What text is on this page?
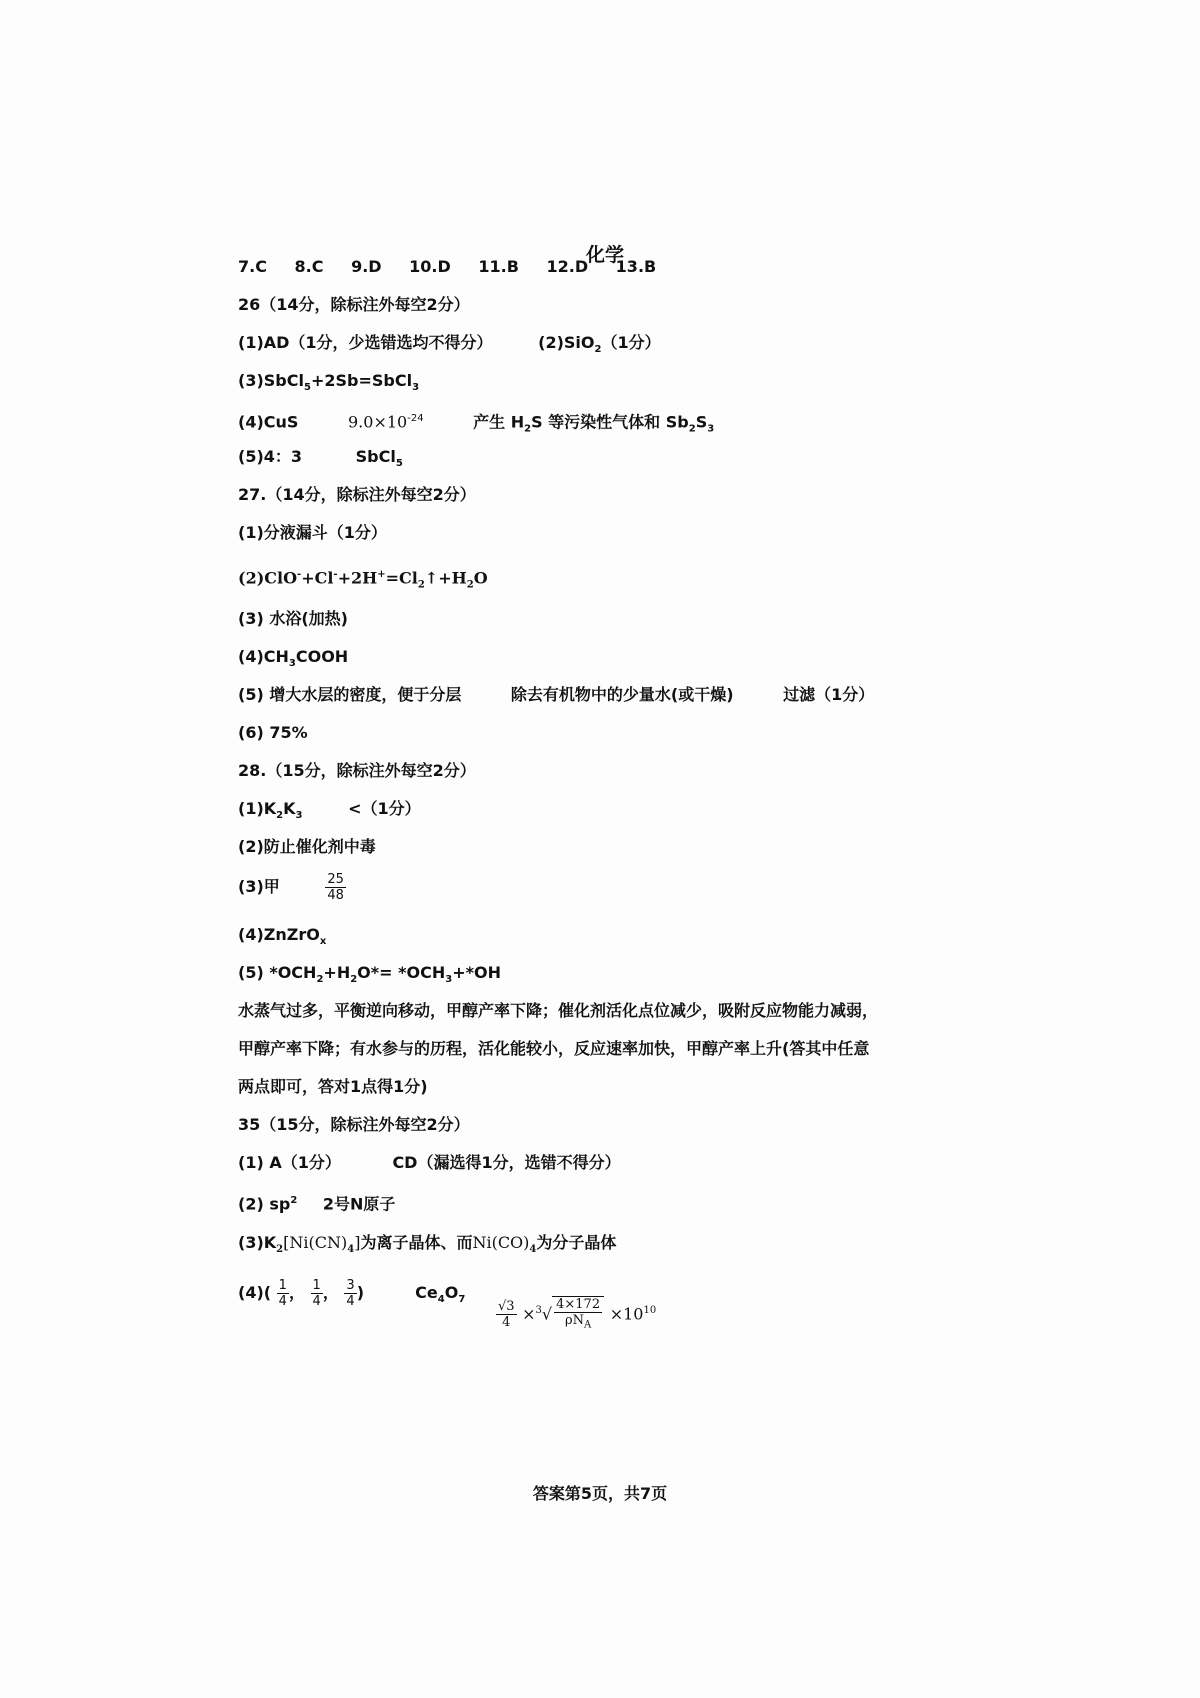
化学
7.C 8.C 9.D 10.D 11.B 12.D 13.B
26（14分，除标注外每空2分）
(1)AD（1分，少选错选均不得分）	(2)SiO$_2$（1分）
(3)SbCl$_5$+2Sb=SbCl$_3$
(4)CuS	$9.0\times 10^{-24}$	产生 $H_2S$ 等污染性气体和 $Sb_2S_3$
(5)4：3	SbCl$_5$
27.（14分，除标注外每空2分）
(1)分液漏斗（1分）
$(2)ClO^-+Cl^-+2H^+=Cl_2↑+H_2O$
(3) 水浴(加热)
$(4)CH_3COOH$
(5) 增大水层的密度，便于分层	除去有机物中的少量水(或干燥)	过滤（1分）
(6) 75%
28.（15分，除标注外每空2分）
$(1)K_2K_3$	<（1分）
(2)防止催化剂中毒
(3)甲	$\frac{25}{48}$
(4)ZnZrO$_x$
(5) $*OCH_2+H_2O*= *OCH_3+*OH$
水蒸气过多，平衡逆向移动，甲醇产率下降；催化剂活化点位减少，吸附反应物能力减弱，
甲醇产率下降；有水参与的历程，活化能较小，反应速率加快，甲醇产率上升(答其中任意
两点即可，答对1点得1分)
35（15分，除标注外每空2分）
(1) A（1分）	CD（漏选得1分，选错不得分）
(2) $sp^2$ 2号N原子
$(3)K_2[Ni(CN)_4]$为离子晶体、而$Ni(CO)_4$为分子晶体
$(4)( \frac{1}{4}$ ， $\frac{1}{4}$ ， $\frac{3}{4}$ )	$Ce_4O_7 \frac{√3}{4} \times^3√ \frac{4\times 172}{\rho N_A} \times 10^{10}$
答案第5页，共7页
